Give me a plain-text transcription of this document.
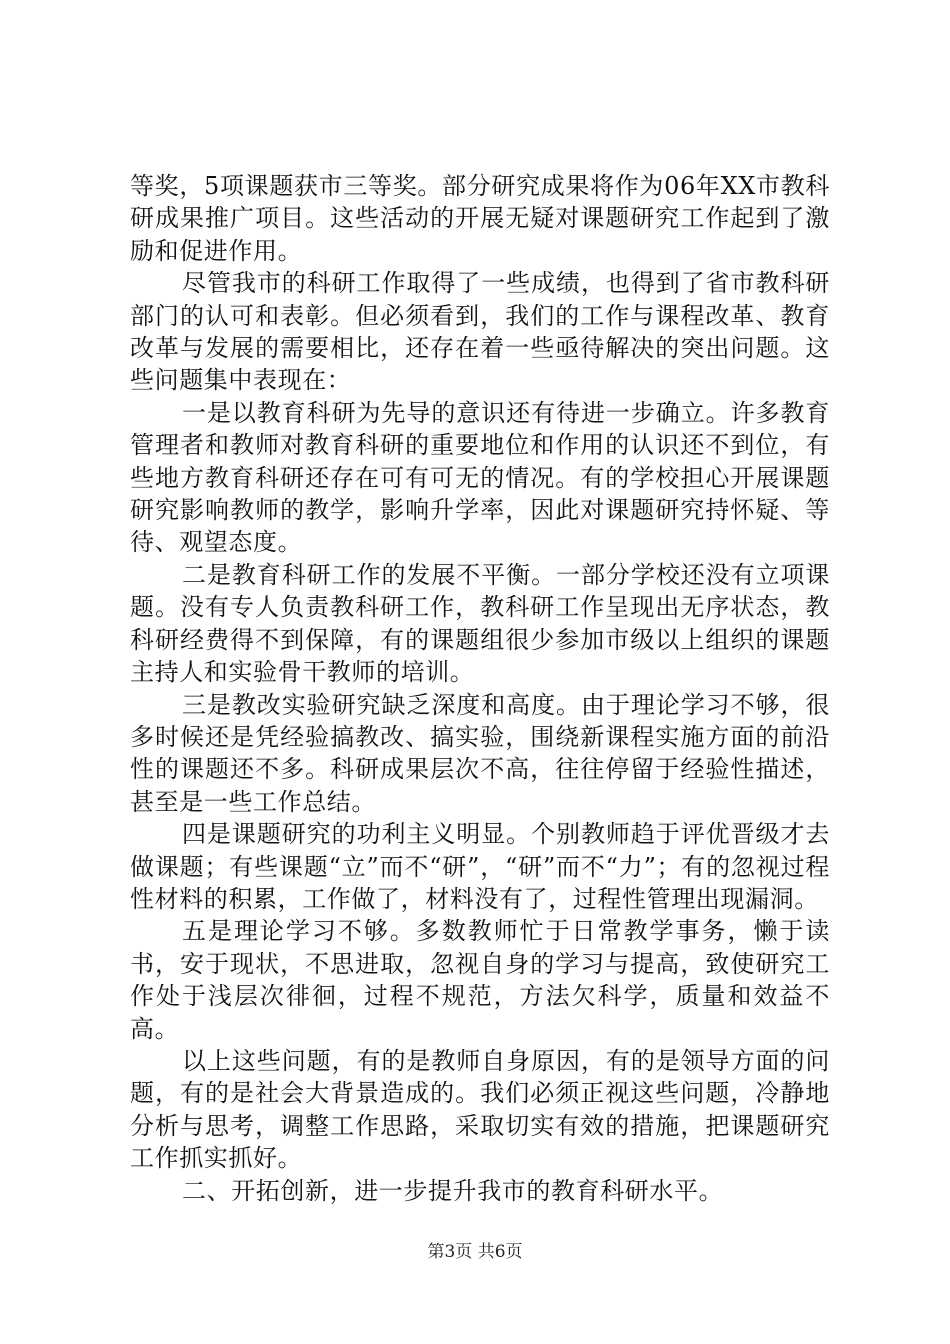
等奖，5项课题获市三等奖。部分研究成果将作为06年XX市教科研成果推广项目。这些活动的开展无疑对课题研究工作起到了激励和促进作用。

尽管我市的科研工作取得了一些成绩，也得到了省市教科研部门的认可和表彰。但必须看到，我们的工作与课程改革、教育改革与发展的需要相比，还存在着一些亟待解决的突出问题。这些问题集中表现在：

一是以教育科研为先导的意识还有待进一步确立。许多教育管理者和教师对教育科研的重要地位和作用的认识还不到位，有些地方教育科研还存在可有可无的情况。有的学校担心开展课题研究影响教师的教学，影响升学率，因此对课题研究持怀疑、等待、观望态度。

二是教育科研工作的发展不平衡。一部分学校还没有立项课题。没有专人负责教科研工作，教科研工作呈现出无序状态，教科研经费得不到保障，有的课题组很少参加市级以上组织的课题主持人和实验骨干教师的培训。

三是教改实验研究缺乏深度和高度。由于理论学习不够，很多时候还是凭经验搞教改、搞实验，围绕新课程实施方面的前沿性的课题还不多。科研成果层次不高，往往停留于经验性描述，甚至是一些工作总结。

四是课题研究的功利主义明显。个别教师趋于评优晋级才去做课题；有些课题“立”而不“研”，“研”而不“力”；有的忽视过程性材料的积累，工作做了，材料没有了，过程性管理出现漏洞。

五是理论学习不够。多数教师忙于日常教学事务，懒于读书，安于现状，不思进取，忽视自身的学习与提高，致使研究工作处于浅层次徘徊，过程不规范，方法欠科学，质量和效益不高。

以上这些问题，有的是教师自身原因，有的是领导方面的问题，有的是社会大背景造成的。我们必须正视这些问题，冷静地分析与思考，调整工作思路，采取切实有效的措施，把课题研究工作抓实抓好。

二、开拓创新，进一步提升我市的教育科研水平。

第3页 共6页
